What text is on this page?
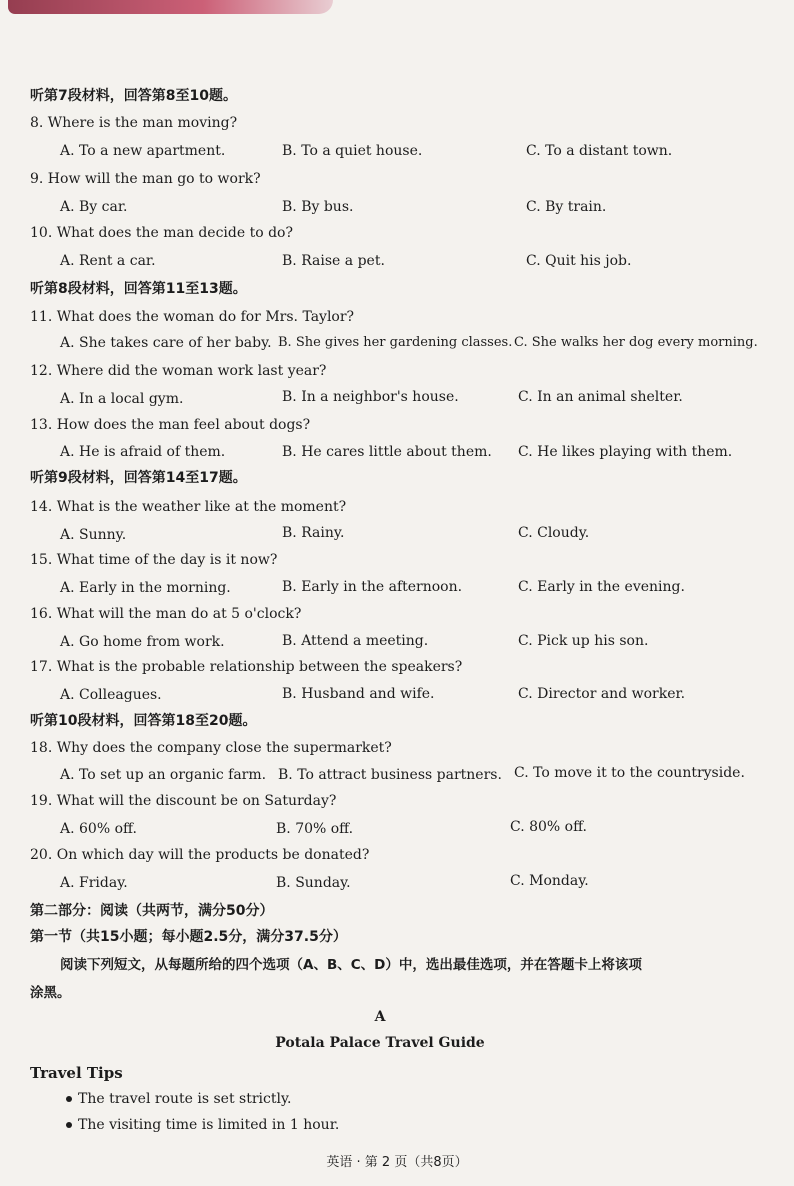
听第7段材料，回答第8至10题。
8. Where is the man moving?
A. To a new apartment.	B. To a quiet house.	C. To a distant town.
9. How will the man go to work?
A. By car.	B. By bus.	C. By train.
10. What does the man decide to do?
A. Rent a car.	B. Raise a pet.	C. Quit his job.
听第8段材料，回答第11至13题。
11. What does the woman do for Mrs. Taylor?
A. She takes care of her baby. B. She gives her gardening classes. C. She walks her dog every morning.
12. Where did the woman work last year?
A. In a local gym.	B. In a neighbor's house.	C. In an animal shelter.
13. How does the man feel about dogs?
A. He is afraid of them.	B. He cares little about them. C. He likes playing with them.
听第9段材料，回答第14至17题。
14. What is the weather like at the moment?
A. Sunny.	B. Rainy.	C. Cloudy.
15. What time of the day is it now?
A. Early in the morning.	B. Early in the afternoon.	C. Early in the evening.
16. What will the man do at 5 o'clock?
A. Go home from work.	B. Attend a meeting.	C. Pick up his son.
17. What is the probable relationship between the speakers?
A. Colleagues.	B. Husband and wife.	C. Director and worker.
听第10段材料，回答第18至20题。
18. Why does the company close the supermarket?
A. To set up an organic farm. B. To attract business partners. C. To move it to the countryside.
19. What will the discount be on Saturday?
A. 60% off.	B. 70% off.	C. 80% off.
20. On which day will the products be donated?
A. Friday.	B. Sunday.	C. Monday.
第二部分：阅读（共两节，满分50分）
第一节（共15小题；每小题2.5分，满分37.5分）
阅读下列短文，从每题所给的四个选项（A、B、C、D）中，选出最佳选项，并在答题卡上将该项
涂黑。
A
Potala Palace Travel Guide
Travel Tips
The travel route is set strictly.
The visiting time is limited in 1 hour.
英语 · 第 2 页（共8页）
